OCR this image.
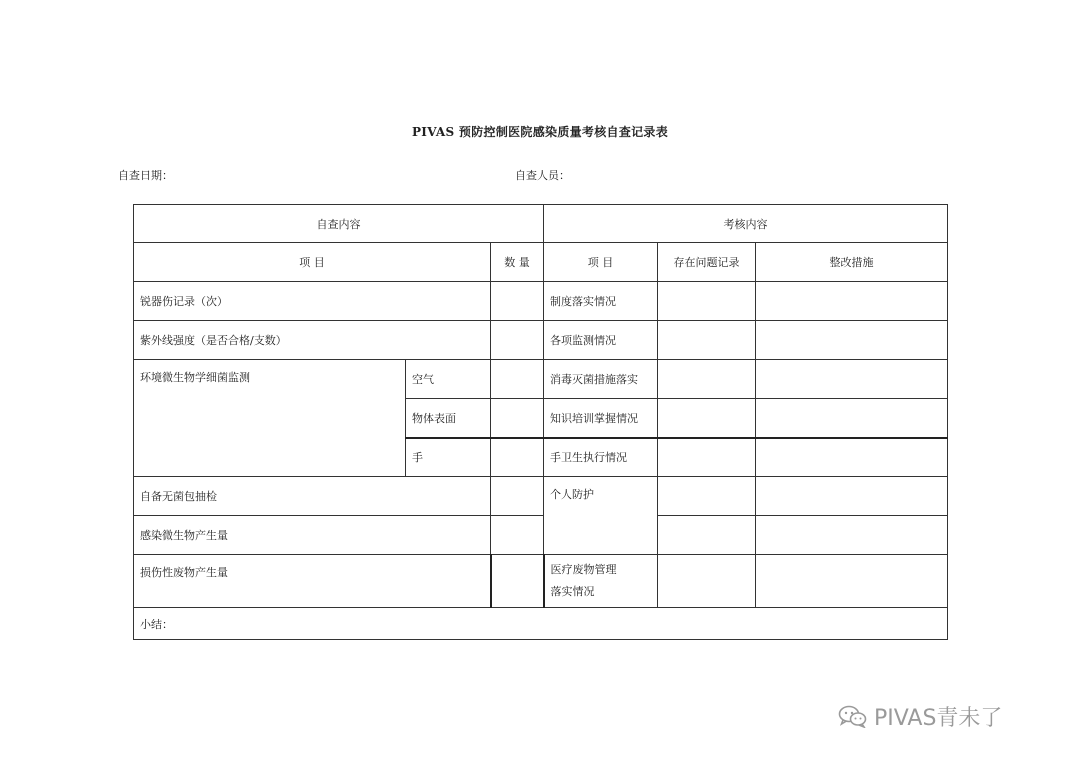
PIVAS 预防控制医院感染质量考核自查记录表
自查日期：	自查人员：
自查内容			考核内容		
项 目		数 量	项 目	存在问题记录	整改措施
锐器伤记录（次）			制度落实情况		
紫外线强度（是否合格/支数）			各项监测情况		
环境微生物学细菌监测	空气		消毒灭菌措施落实		
	物体表面		知识培训掌握情况		
	手		手卫生执行情况		
自备无菌包抽检			个人防护		
感染微生物产生量					
损伤性废物产生量			医疗废物管理
落实情况		

小结：					
PIVAS青未了
